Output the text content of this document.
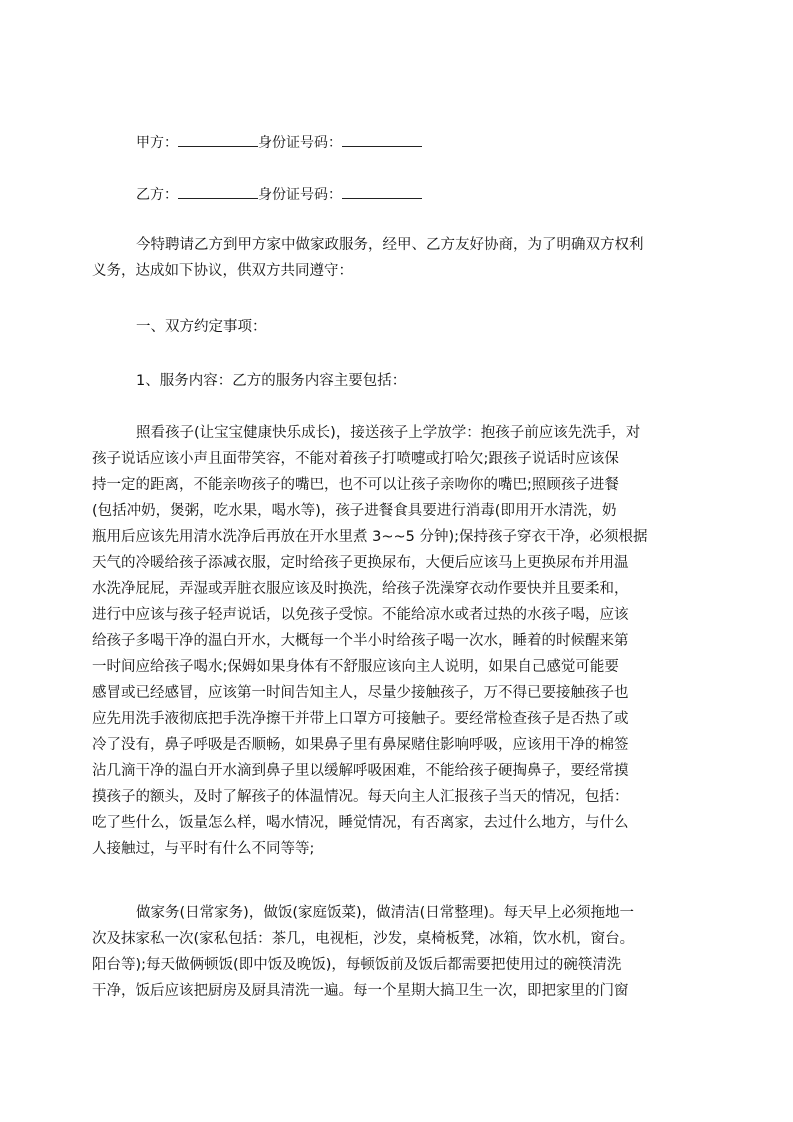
甲方：	身份证号码：
乙方：	身份证号码：
今特聘请乙方到甲方家中做家政服务，经甲、乙方友好协商，为了明确双方权利
义务，达成如下协议，供双方共同遵守：
一、双方约定事项：
1、服务内容：乙方的服务内容主要包括：
照看孩子(让宝宝健康快乐成长)，接送孩子上学放学：抱孩子前应该先洗手，对
孩子说话应该小声且面带笑容，不能对着孩子打喷嚏或打哈欠;跟孩子说话时应该保
持一定的距离，不能亲吻孩子的嘴巴，也不可以让孩子亲吻你的嘴巴;照顾孩子进餐
(包括冲奶，煲粥，吃水果，喝水等)，孩子进餐食具要进行消毒(即用开水清洗，奶
瓶用后应该先用清水洗净后再放在开水里煮 3~~5 分钟);保持孩子穿衣干净，必须根据
天气的冷暖给孩子添减衣服，定时给孩子更换尿布，大便后应该马上更换尿布并用温
水洗净屁屁，弄湿或弄脏衣服应该及时换洗，给孩子洗澡穿衣动作要快并且要柔和，
进行中应该与孩子轻声说话，以免孩子受惊。不能给凉水或者过热的水孩子喝，应该
给孩子多喝干净的温白开水，大概每一个半小时给孩子喝一次水，睡着的时候醒来第
一时间应给孩子喝水;保姆如果身体有不舒服应该向主人说明，如果自己感觉可能要
感冒或已经感冒，应该第一时间告知主人，尽量少接触孩子，万不得已要接触孩子也
应先用洗手液彻底把手洗净擦干并带上口罩方可接触子。要经常检查孩子是否热了或
冷了没有，鼻子呼吸是否顺畅，如果鼻子里有鼻屎赌住影响呼吸，应该用干净的棉签
沾几滴干净的温白开水滴到鼻子里以缓解呼吸困难，不能给孩子硬掏鼻子，要经常摸
摸孩子的额头，及时了解孩子的体温情况。每天向主人汇报孩子当天的情况，包括：
吃了些什么，饭量怎么样，喝水情况，睡觉情况，有否离家，去过什么地方，与什么
人接触过，与平时有什么不同等等;
做家务(日常家务)，做饭(家庭饭菜)，做清洁(日常整理)。每天早上必须拖地一
次及抹家私一次(家私包括：茶几，电视柜，沙发，桌椅板凳，冰箱，饮水机，窗台。
阳台等);每天做俩顿饭(即中饭及晚饭)，每顿饭前及饭后都需要把使用过的碗筷清洗
干净，饭后应该把厨房及厨具清洗一遍。每一个星期大搞卫生一次，即把家里的门窗
